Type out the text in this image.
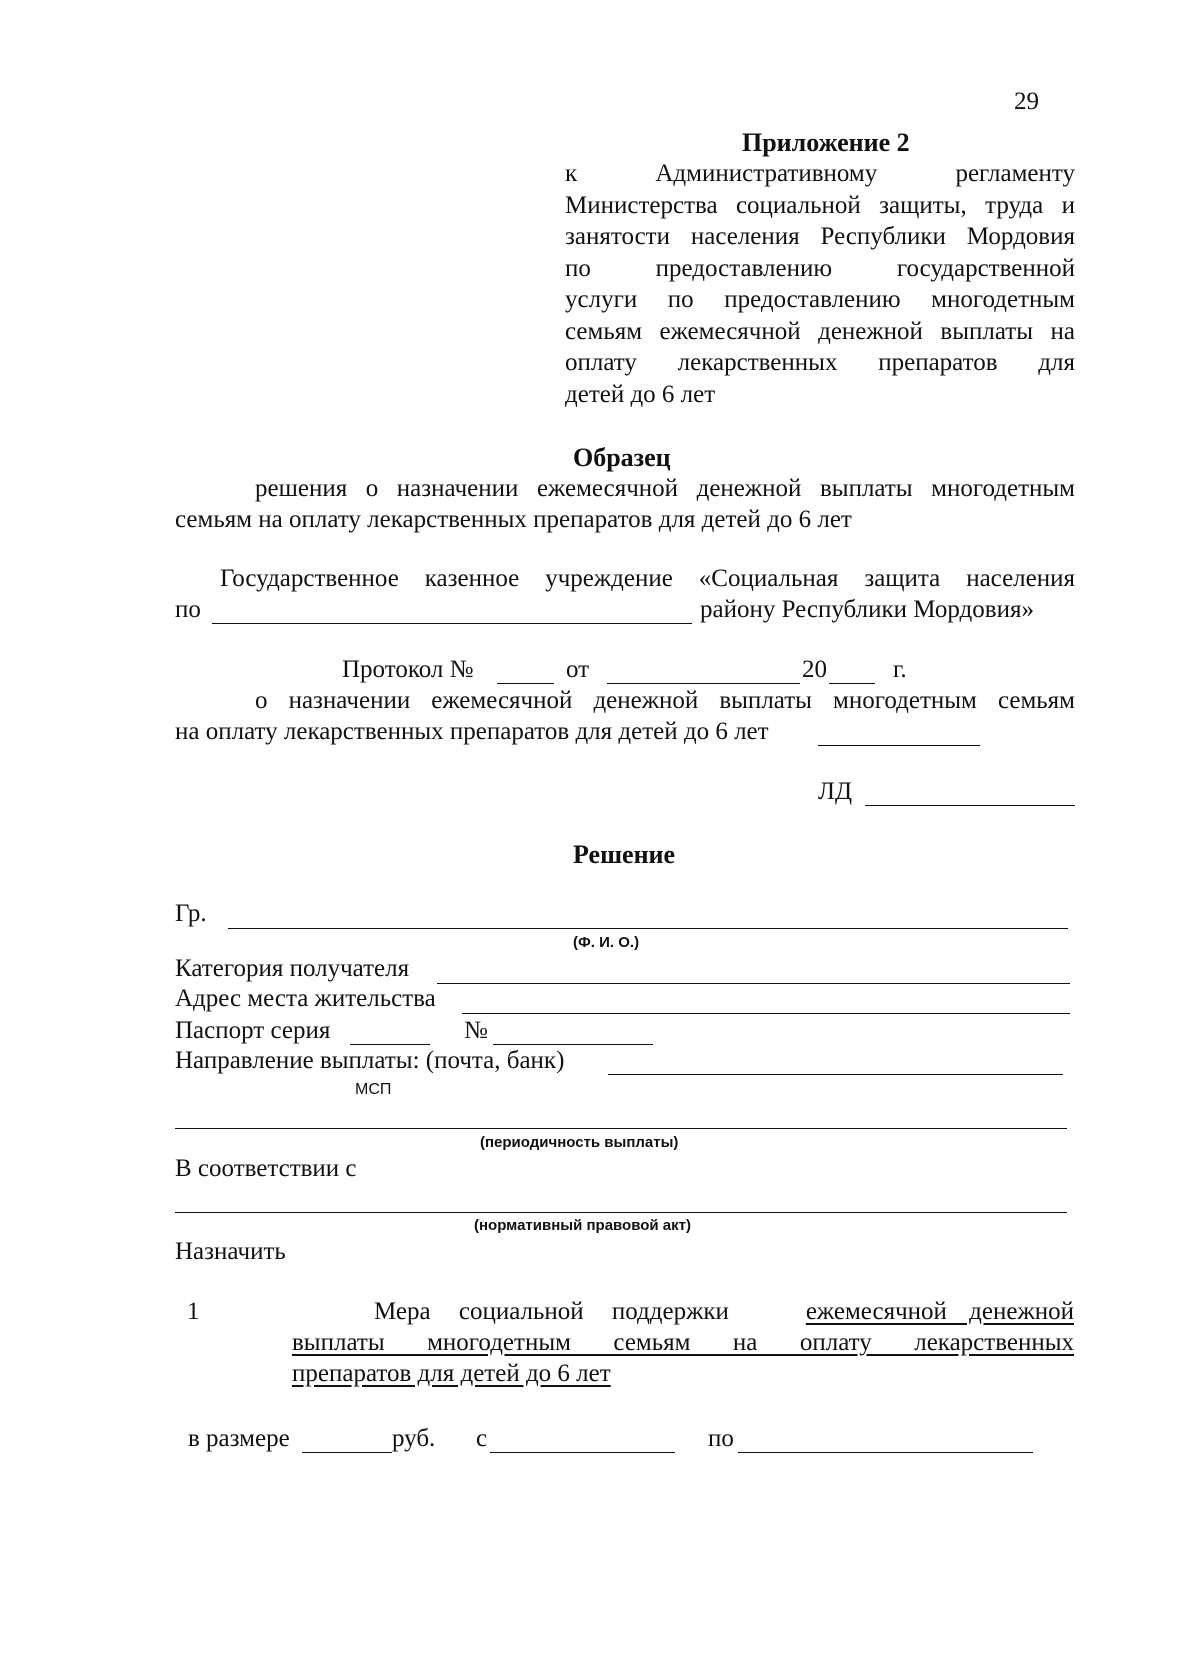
29
Приложение 2
к Административному регламенту
Министерства социальной защиты, труда и
занятости населения Республики Мордовия
по предоставлению государственной
услуги по предоставлению многодетным
семьям ежемесячной денежной выплаты на
оплату лекарственных препаратов для
детей до 6 лет
Образец
решения о назначении ежемесячной денежной выплаты многодетным
семьям на оплату лекарственных препаратов для детей до 6 лет
Государственное казенное учреждение «Социальная защита населения
по	району Республики Мордовия»
Протокол №	от	20	г.
о назначении ежемесячной денежной выплаты многодетным семьям
на оплату лекарственных препаратов для детей до 6 лет
ЛД
Решение
Гр.
(Ф. И. О.)
Категория получателя
Адрес места жительства
Паспорт серия	№
Направление выплаты: (почта, банк)
МСП
(периодичность выплаты)
В соответствии с
(нормативный правовой акт)
Назначить
1	Мера социальной поддержки	ежемесячной денежной
выплаты многодетным семьям на оплату лекарственных
препаратов для детей до 6 лет
в размере	руб. с	по
